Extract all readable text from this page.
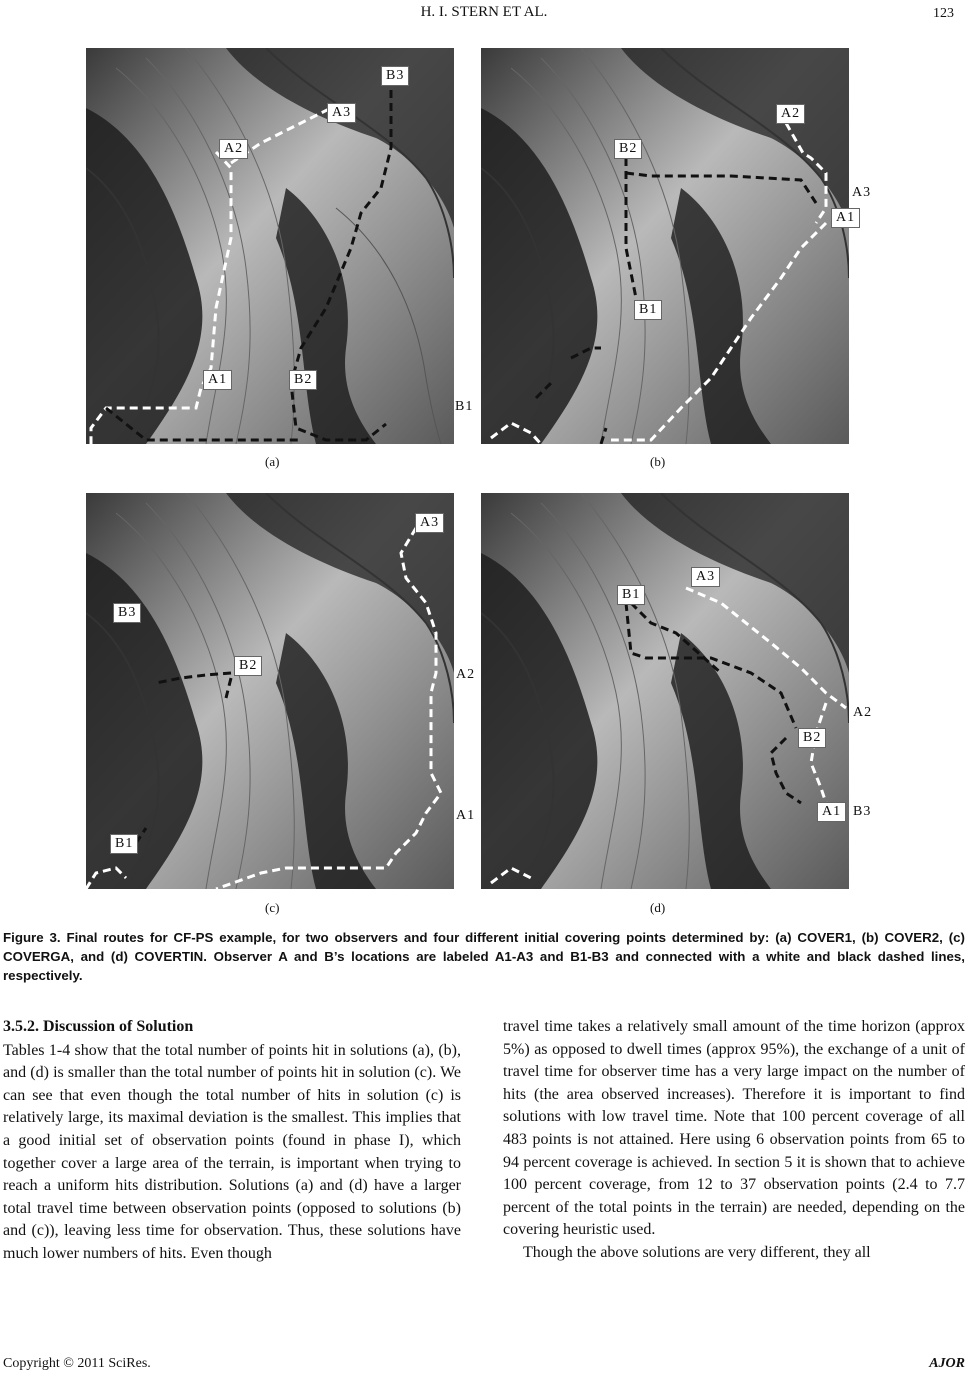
H. I. STERN ET AL.	123
B3
A3
A2
A1	B2
B1
(a)
A2
B2
A3
A1
B1
(b)
A3
B3
B2
A2
A1
B1
(c)
A3
B1
A2
B2
A1 B3
(d)
Figure 3. Final routes for CF-PS example, for two observers and four different initial covering points determined by: (a) COVER1, (b) COVER2, (c) COVERGA, and (d) COVERTIN. Observer A and B’s locations are labeled A1-A3 and B1-B3 and connected with a white and black dashed lines, respectively.
3.5.2. Discussion of Solution

Tables 1-4 show that the total number of points hit in solutions (a), (b), and (d) is smaller than the total number of points hit in solution (c). We can see that even though the total number of hits in solution (c) is relatively large, its maximal deviation is the smallest. This implies that a good initial set of observation points (found in phase I), which together cover a large area of the terrain, is important when trying to reach a uniform hits distribution. Solutions (a) and (d) have a larger total travel time between observation points (opposed to solutions (b) and (c)), leaving less time for observation. Thus, these solutions have much lower numbers of hits. Even though

travel time takes a relatively small amount of the time horizon (approx 5%) as opposed to dwell times (approx 95%), the exchange of a unit of travel time for observer time has a very large impact on the number of hits (the area observed increases). Therefore it is important to find solutions with low travel time. Note that 100 percent coverage of all 483 points is not attained. Here using 6 observation points from 65 to 94 percent coverage is achieved. In section 5 it is shown that to achieve 100 percent coverage, from 12 to 37 observation points (2.4 to 7.7 percent of the total points in the terrain) are needed, depending on the covering heuristic used.

Though the above solutions are very different, they all

Copyright © 2011 SciRes.	AJOR
